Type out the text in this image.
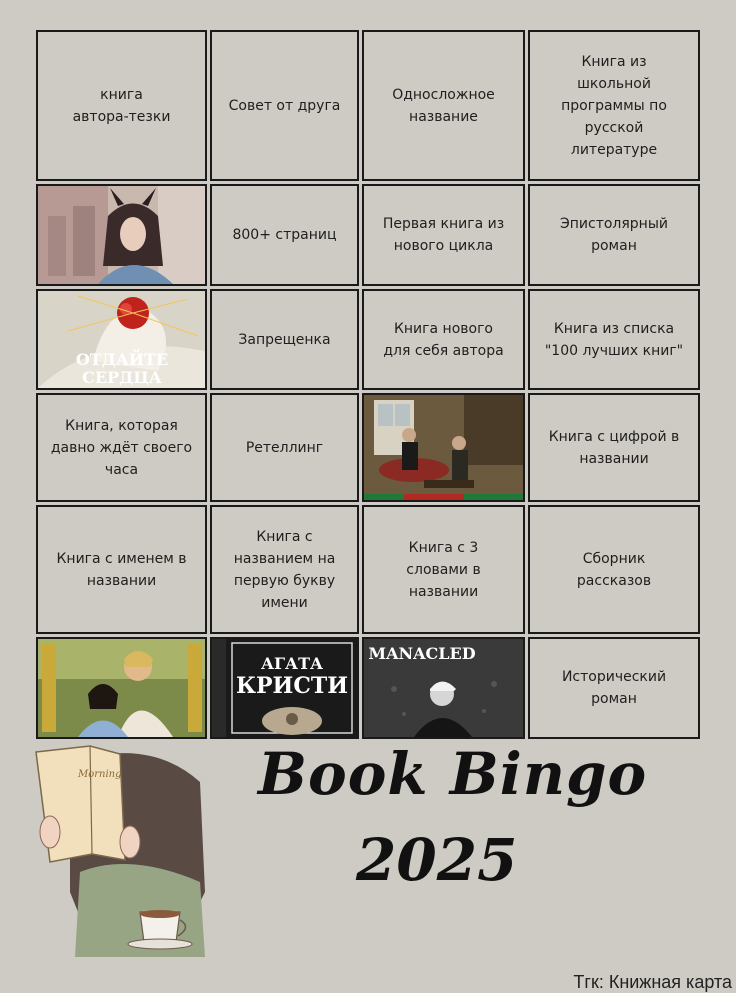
книга
автора-тезки
Совет от друга
Односложное
название
Книга из
школьной
программы по
русской
литературе
800+ страниц
Первая книга из
нового цикла
Эпистолярный
роман
ОТДАЙТЕ
СЕРДЦА
Запрещенка
Книга нового
для себя автора
Книга из списка
"100 лучших книг"
Книга, которая
давно ждёт своего
часа
Ретеллинг
Книга с цифрой в
названии
Книга с именем в
названии
Книга с
названием на
первую букву
имени
Книга с 3
словами в
названии
Сборник
рассказов
АГАТА
КРИСТИ
MANACLED
Исторический
роман
Morning Book Bingo
2025
Тгк: Книжная карта
